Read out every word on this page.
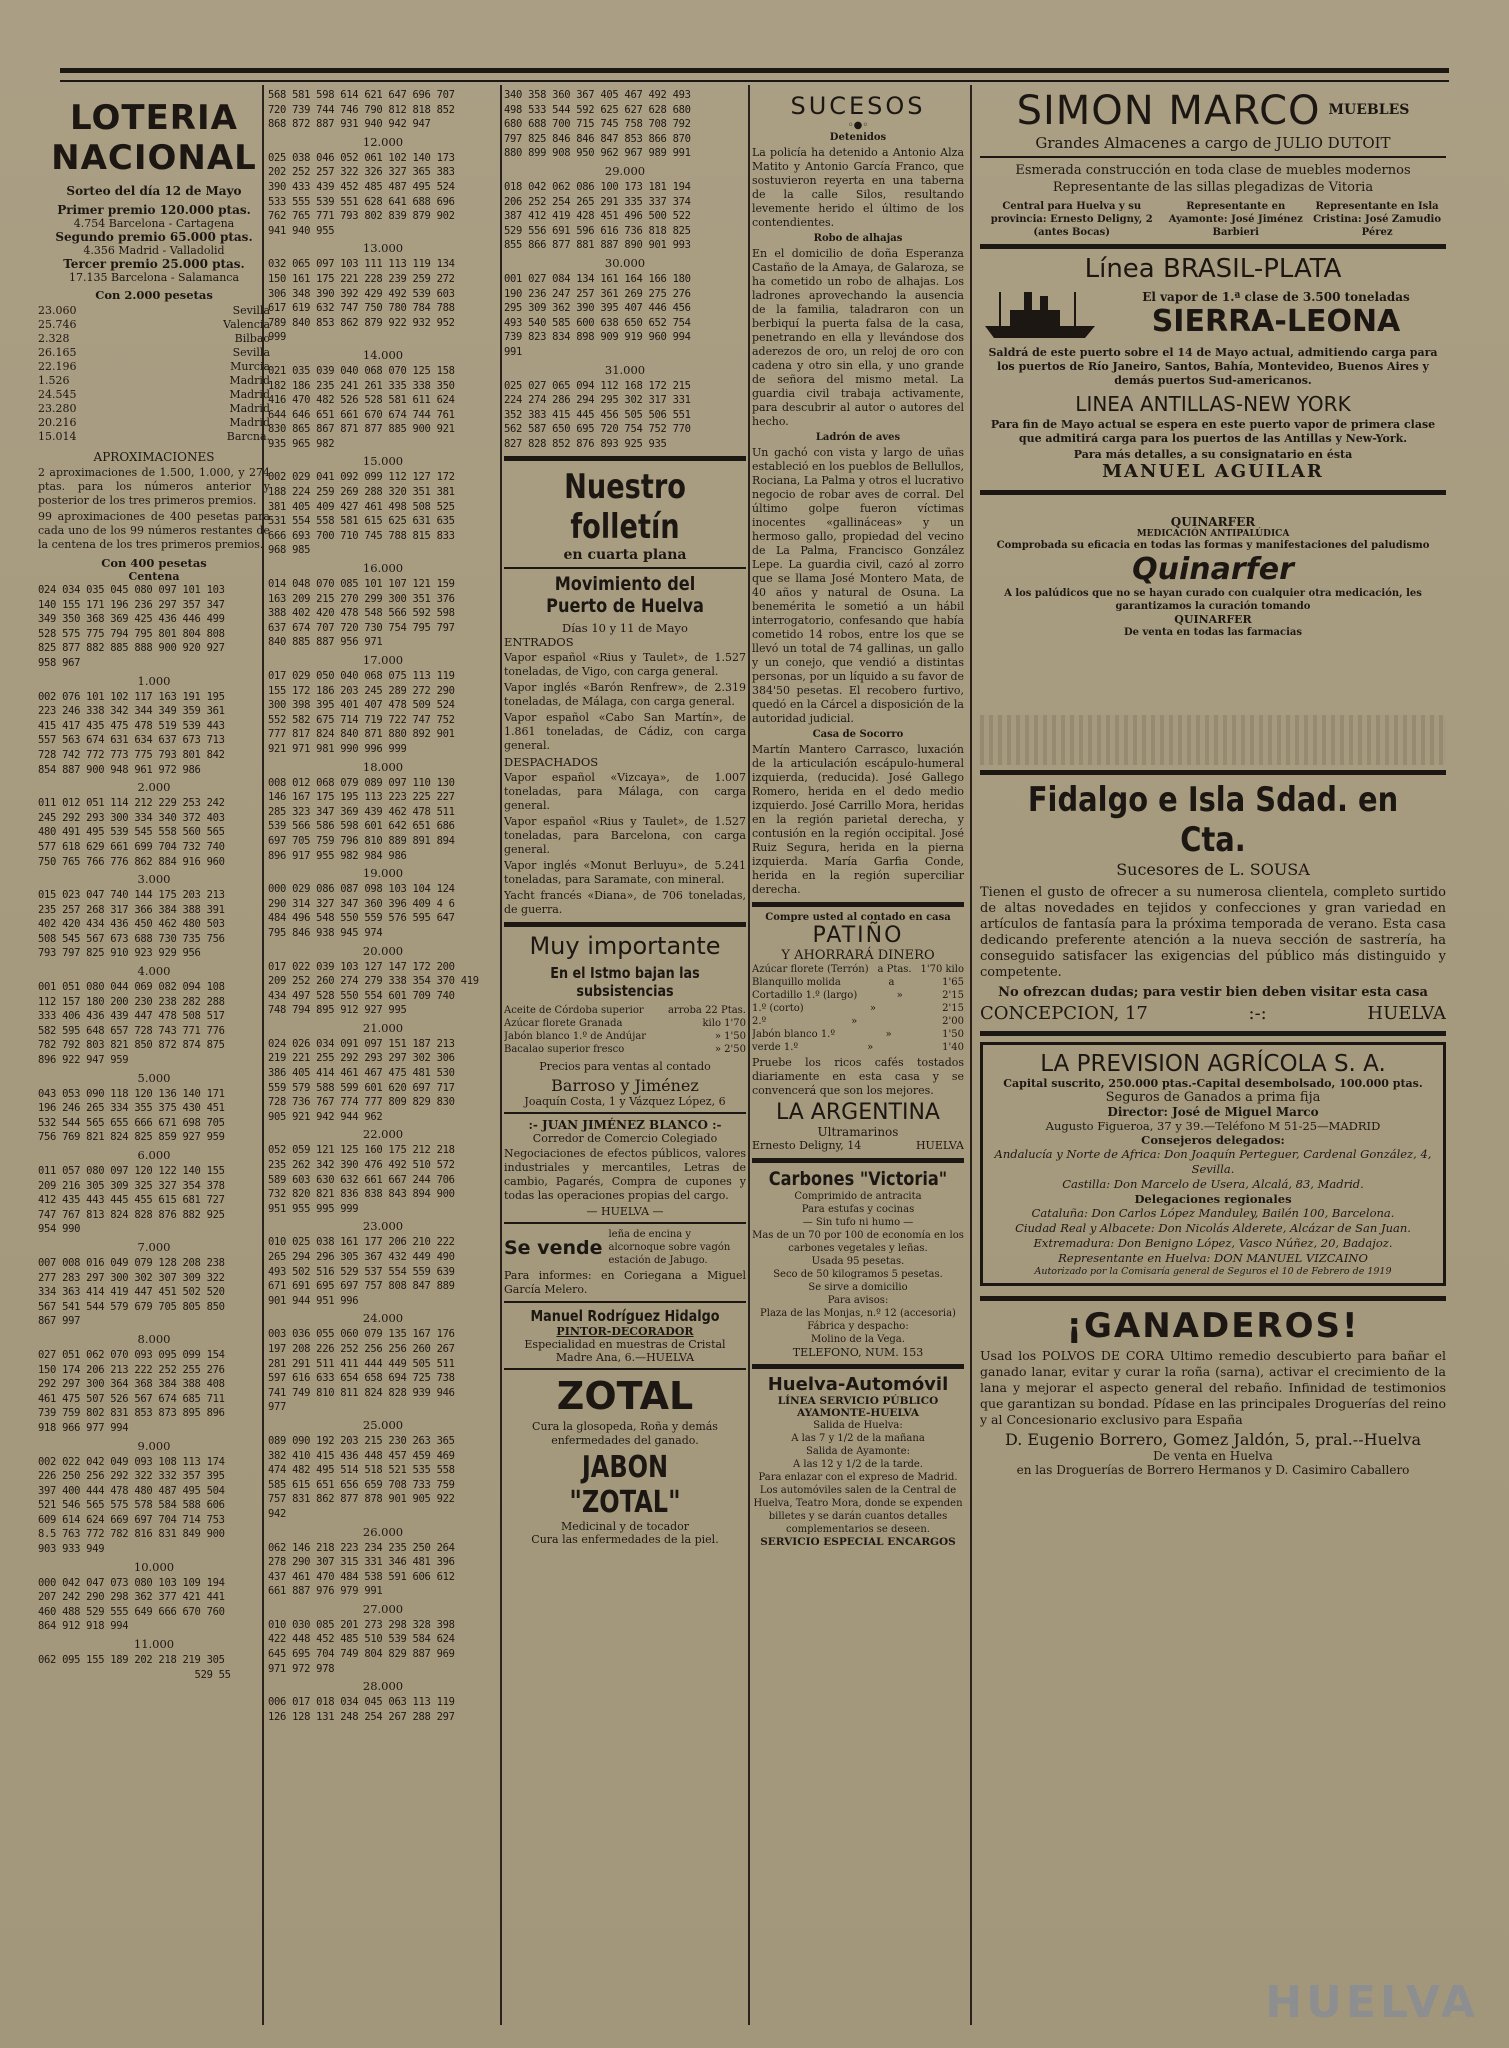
LOTERIA NACIONAL
Sorteo del día 12 de Mayo
Primer premio 120.000 ptas.
4.754 Barcelona - Cartagena
Segundo premio 65.000 ptas.
4.356 Madrid - Valladolid
Tercer premio 25.000 ptas.
17.135 Barcelona - Salamanca
Con 2.000 pesetas
23.060	Sevilla
25.746	Valencia
2.328	Bilbao
26.165	Sevilla
22.196	Murcia
1.526	Madrid
24.545	Madrid
23.280	Madrid
20.216	Madrid
15.014	Barcna.
APROXIMACIONES
2 aproximaciones de 1.500, 1.000, y 274 ptas. para los números anterior y posterior de los tres primeros premios.
99 aproximaciones de 400 pesetas para cada uno de los 99 números restantes de la centena de los tres primeros premios.
Con 400 pesetas
Centena
024 034 035 045 080 097 101 103
140 155 171 196 236 297 357 347
349 350 368 369 425 436 446 499
528 575 775 794 795 801 804 808
825 877 882 885 888 900 920 927
958 967
1.000
002 076 101 102 117 163 191 195
223 246 338 342 344 349 359 361
415 417 435 475 478 519 539 443
557 563 674 631 634 637 673 713
728 742 772 773 775 793 801 842
854 887 900 948 961 972 986
2.000
011 012 051 114 212 229 253 242
245 292 293 300 334 340 372 403
480 491 495 539 545 558 560 565
577 618 629 661 699 704 732 740
750 765 766 776 862 884 916 960
3.000
015 023 047 740 144 175 203 213
235 257 268 317 366 384 388 391
402 420 434 436 450 462 480 503
508 545 567 673 688 730 735 756
793 797 825 910 923 929 956
4.000
001 051 080 044 069 082 094 108
112 157 180 200 230 238 282 288
333 406 436 439 447 478 508 517
582 595 648 657 728 743 771 776
782 792 803 821 850 872 874 875
896 922 947 959
5.000
043 053 090 118 120 136 140 171
196 246 265 334 355 375 430 451
532 544 565 655 666 671 698 705
756 769 821 824 825 859 927 959
6.000
011 057 080 097 120 122 140 155
209 216 305 309 325 327 354 378
412 435 443 445 455 615 681 727
747 767 813 824 828 876 882 925
954 990
7.000
007 008 016 049 079 128 208 238
277 283 297 300 302 307 309 322
334 363 414 419 447 451 502 520
567 541 544 579 679 705 805 850
867 997
8.000
027 051 062 070 093 095 099 154
150 174 206 213 222 252 255 276
292 297 300 364 368 384 388 408
461 475 507 526 567 674 685 711
739 759 802 831 853 873 895 896
918 966 977 994
9.000
002 022 042 049 093 108 113 174
226 250 256 292 322 332 357 395
397 400 444 478 480 487 495 504
521 546 565 575 578 584 588 606
609 614 624 669 697 704 714 753
8.5 763 772 782 816 831 849 900
903 933 949
10.000
000 042 047 073 080 103 109 194
207 242 290 298 362 377 421 441
460 488 529 555 649 666 670 760
864 912 918 994
11.000
062 095 155 189 202 218 219 305
529 55
568 581 598 614 621 647 696 707
720 739 744 746 790 812 818 852
868 872 887 931 940 942 947
12.000
025 038 046 052 061 102 140 173
202 252 257 322 326 327 365 383
390 433 439 452 485 487 495 524
533 555 539 551 628 641 688 696
762 765 771 793 802 839 879 902
941 940 955
13.000
032 065 097 103 111 113 119 134
150 161 175 221 228 239 259 272
306 348 390 392 429 492 539 603
617 619 632 747 750 780 784 788
789 840 853 862 879 922 932 952
999
14.000
021 035 039 040 068 070 125 158
182 186 235 241 261 335 338 350
416 470 482 526 528 581 611 624
644 646 651 661 670 674 744 761
830 865 867 871 877 885 900 921
935 965 982
15.000
002 029 041 092 099 112 127 172
188 224 259 269 288 320 351 381
381 405 409 427 461 498 508 525
531 554 558 581 615 625 631 635
666 693 700 710 745 788 815 833
968 985
16.000
014 048 070 085 101 107 121 159
163 209 215 270 299 300 351 376
388 402 420 478 548 566 592 598
637 674 707 720 730 754 795 797
840 885 887 956 971
17.000
017 029 050 040 068 075 113 119
155 172 186 203 245 289 272 290
300 398 395 401 407 478 509 524
552 582 675 714 719 722 747 752
777 817 824 840 871 880 892 901
921 971 981 990 996 999
18.000
008 012 068 079 089 097 110 130
146 167 175 195 113 223 225 227
285 323 347 369 439 462 478 511
539 566 586 598 601 642 651 686
697 705 759 796 810 889 891 894
896 917 955 982 984 986
19.000
000 029 086 087 098 103 104 124
290 314 327 347 360 396 409 4 6
484 496 548 550 559 576 595 647
795 846 938 945 974
20.000
017 022 039 103 127 147 172 200
209 252 260 274 279 338 354 370 419
434 497 528 550 554 601 709 740
748 794 895 912 927 995
21.000
024 026 034 091 097 151 187 213
219 221 255 292 293 297 302 306
386 405 414 461 467 475 481 530
559 579 588 599 601 620 697 717
728 736 767 774 777 809 829 830
905 921 942 944 962
22.000
052 059 121 125 160 175 212 218
235 262 342 390 476 492 510 572
589 603 630 632 661 667 244 706
732 820 821 836 838 843 894 900
951 955 995 999
23.000
010 025 038 161 177 206 210 222
265 294 296 305 367 432 449 490
493 502 516 529 537 554 559 639
671 691 695 697 757 808 847 889
901 944 951 996
24.000
003 036 055 060 079 135 167 176
197 208 226 252 256 256 260 267
281 291 511 411 444 449 505 511
597 616 633 654 658 694 725 738
741 749 810 811 824 828 939 946
977
25.000
089 090 192 203 215 230 263 365
382 410 415 436 448 457 459 469
474 482 495 514 518 521 535 558
585 615 651 656 659 708 733 759
757 831 862 877 878 901 905 922
942
26.000
062 146 218 223 234 235 250 264
278 290 307 315 331 346 481 396
437 461 470 484 538 591 606 612
661 887 976 979 991
27.000
010 030 085 201 273 298 328 398
422 448 452 485 510 539 584 624
645 695 704 749 804 829 887 969
971 972 978
28.000
006 017 018 034 045 063 113 119
126 128 131 248 254 267 288 297
340 358 360 367 405 467 492 493
498 533 544 592 625 627 628 680
680 688 700 715 745 758 708 792
797 825 846 846 847 853 866 870
880 899 908 950 962 967 989 991
29.000
018 042 062 086 100 173 181 194
206 252 254 265 291 335 337 374
387 412 419 428 451 496 500 522
529 556 691 596 616 736 818 825
855 866 877 881 887 890 901 993
30.000
001 027 084 134 161 164 166 180
190 236 247 257 361 269 275 276
295 309 362 390 395 407 446 456
493 540 585 600 638 650 652 754
739 823 834 898 909 919 960 994
991
31.000
025 027 065 094 112 168 172 215
224 274 286 294 295 302 317 331
352 383 415 445 456 505 506 551
562 587 650 695 720 754 752 770
827 828 852 876 893 925 935
Nuestro folletín
en cuarta plana
Movimiento del Puerto de Huelva
Días 10 y 11 de Mayo
ENTRADOS
Vapor español «Rius y Taulet», de 1.527 toneladas, de Vigo, con carga general.
Vapor inglés «Barón Renfrew», de 2.319 toneladas, de Málaga, con carga general.
Vapor español «Cabo San Martín», de 1.861 toneladas, de Cádiz, con carga general.
DESPACHADOS
Vapor español «Vizcaya», de 1.007 toneladas, para Málaga, con carga general.
Vapor español «Rius y Taulet», de 1.527 toneladas, para Barcelona, con carga general.
Vapor inglés «Monut Berluyu», de 5.241 toneladas, para Saramate, con mineral.
Yacht francés «Diana», de 706 toneladas, de guerra.
Muy importante
En el Istmo bajan las subsistencias
Aceite de Córdoba superior arroba 22 Ptas.
Azúcar florete Granada	kilo 1'70
Jabón blanco 1.º de Andújar	» 1'50
Bacalao superior fresco	» 2'50
Precios para ventas al contado
Barroso y Jiménez
Joaquín Costa, 1 y Vázquez López, 6
:- JUAN JIMÉNEZ BLANCO :-
Corredor de Comercio Colegiado
Negociaciones de efectos públicos, valores industriales y mercantiles, Letras de cambio, Pagarés, Compra de cupones y todas las operaciones propias del cargo.
— HUELVA —
Se vende
leña de encina y alcornoque sobre vagón estación de Jabugo.
Para informes: en Coriegana a Miguel García Melero.
Manuel Rodríguez Hidalgo
PINTOR-DECORADOR
Especialidad en muestras de Cristal
Madre Ana, 6.—HUELVA
ZOTAL
Cura la glosopeda, Roña y demás enfermedades del ganado.
JABON "ZOTAL"
Medicinal y de tocador
Cura las enfermedades de la piel.
SUCESOS
◦●◦
Detenidos
La policía ha detenido a Antonio Alza Matito y Antonio García Franco, que sostuvieron reyerta en una taberna de la calle Silos, resultando levemente herido el último de los contendientes.
Robo de alhajas
En el domicilio de doña Esperanza Castaño de la Amaya, de Galaroza, se ha cometido un robo de alhajas. Los ladrones aprovechando la ausencia de la familia, taladraron con un berbiquí la puerta falsa de la casa, penetrando en ella y llevándose dos aderezos de oro, un reloj de oro con cadena y otro sin ella, y uno grande de señora del mismo metal. La guardia civil trabaja activamente, para descubrir al autor o autores del hecho.
Ladrón de aves
Un gachó con vista y largo de uñas estableció en los pueblos de Bellullos, Rociana, La Palma y otros el lucrativo negocio de robar aves de corral. Del último golpe fueron víctimas inocentes «gallináceas» y un hermoso gallo, propiedad del vecino de La Palma, Francisco González Lepe. La guardia civil, cazó al zorro que se llama José Montero Mata, de 40 años y natural de Osuna. La benemérita le sometió a un hábil interrogatorio, confesando que había cometido 14 robos, entre los que se llevó un total de 74 gallinas, un gallo y un conejo, que vendió a distintas personas, por un líquido a su favor de 384'50 pesetas. El recobero furtivo, quedó en la Cárcel a disposición de la autoridad judicial.
Casa de Socorro
Martín Mantero Carrasco, luxación de la articulación escápulo-humeral izquierda, (reducida). José Gallego Romero, herida en el dedo medio izquierdo. José Carrillo Mora, heridas en la región parietal derecha, y contusión en la región occipital. José Ruiz Segura, herida en la pierna izquierda. María Garfia Conde, herida en la región superciliar derecha.
Compre usted al contado en casa
PATIÑO
Y AHORRARÁ DINERO
Azúcar florete (Terrón) a Ptas. 1'70 kilo
Blanquillo molida	a	1'65
Cortadillo 1.º (largo)	»	2'15
1.º (corto)	»	2'15
2.º	»	2'00
Jabón blanco 1.º	»	1'50
verde 1.º	»	1'40
Pruebe los ricos cafés tostados diariamente en esta casa y se convencerá que son los mejores.
LA ARGENTINA
Ultramarinos
Ernesto Deligny, 14	HUELVA
Carbones "Victoria"
Comprimido de antracita
Para estufas y cocinas
— Sin tufo ni humo —
Mas de un 70 por 100 de economía en los carbones vegetales y leñas.
Usada 95 pesetas.
Seco de 50 kilogramos 5 pesetas.
Se sirve a domicilio
Para avisos:
Plaza de las Monjas, n.º 12 (accesoria)
Fábrica y despacho:
Molino de la Vega.
TELEFONO, NUM. 153
Huelva-Automóvil
LÍNEA SERVICIO PÚBLICO AYAMONTE-HUELVA
Salida de Huelva:
A las 7 y 1/2 de la mañana
Salida de Ayamonte:
A las 12 y 1/2 de la tarde.
Para enlazar con el expreso de Madrid.
Los automóviles salen de la Central de Huelva, Teatro Mora, donde se expenden billetes y se darán cuantos detalles complementarios se deseen.
SERVICIO ESPECIAL ENCARGOS
SIMON MARCO MUEBLES
Grandes Almacenes a cargo de JULIO DUTOIT
Esmerada construcción en toda clase de muebles modernos Representante de las sillas plegadizas de Vitoria
Central para Huelva y su provincia: Ernesto Deligny, 2 (antes Bocas)
Representante en Ayamonte: José Jiménez Barbieri
Representante en Isla Cristina: José Zamudio Pérez
Línea BRASIL-PLATA
El vapor de 1.ª clase de 3.500 toneladas
SIERRA-LEONA
Saldrá de este puerto sobre el 14 de Mayo actual, admitiendo carga para los puertos de Río Janeiro, Santos, Bahía, Montevideo, Buenos Aires y demás puertos Sud-americanos.
LINEA ANTILLAS-NEW YORK
Para fin de Mayo actual se espera en este puerto vapor de primera clase que admitirá carga para los puertos de las Antillas y New-York.
Para más detalles, a su consignatario en ésta
MANUEL AGUILAR
QUINARFER
MEDICACIÓN ANTIPALÚDICA
Comprobada su eficacia en todas las formas y manifestaciones del paludismo
Quinarfer
A los palúdicos que no se hayan curado con cualquier otra medicación, les garantizamos la curación tomando
QUINARFER
De venta en todas las farmacias
Fidalgo e Isla Sdad. en Cta.
Sucesores de L. SOUSA
Tienen el gusto de ofrecer a su numerosa clientela, completo surtido de altas novedades en tejidos y confecciones y gran variedad en artículos de fantasía para la próxima temporada de verano. Esta casa dedicando preferente atención a la nueva sección de sastrería, ha conseguido satisfacer las exigencias del público más distinguido y competente.
No ofrezcan dudas; para vestir bien deben visitar esta casa
CONCEPCION, 17	:-:	HUELVA
LA PREVISION AGRÍCOLA S. A.
Capital suscrito, 250.000 ptas.-Capital desembolsado, 100.000 ptas.
Seguros de Ganados a prima fija
Director: José de Miguel Marco
Augusto Figueroa, 37 y 39.—Teléfono M 51-25—MADRID
Consejeros delegados:
Andalucía y Norte de Africa: Don Joaquín Perteguer, Cardenal González, 4, Sevilla.
Castilla: Don Marcelo de Usera, Alcalá, 83, Madrid.
Delegaciones regionales
Cataluña: Don Carlos López Manduley, Bailén 100, Barcelona.
Ciudad Real y Albacete: Don Nicolás Alderete, Alcázar de San Juan.
Extremadura: Don Benigno López, Vasco Núñez, 20, Badajoz.
Representante en Huelva: DON MANUEL VIZCAINO
Autorizado por la Comisaría general de Seguros el 10 de Febrero de 1919
¡GANADEROS!
Usad los POLVOS DE CORA Ultimo remedio descubierto para bañar el ganado lanar, evitar y curar la roña (sarna), activar el crecimiento de la lana y mejorar el aspecto general del rebaño. Infinidad de testimonios que garantizan su bondad. Pídase en las principales Droguerías del reino y al Concesionario exclusivo para España
D. Eugenio Borrero, Gomez Jaldón, 5, pral.--Huelva
De venta en Huelva
en las Droguerías de Borrero Hermanos y D. Casimiro Caballero
HUELVA
